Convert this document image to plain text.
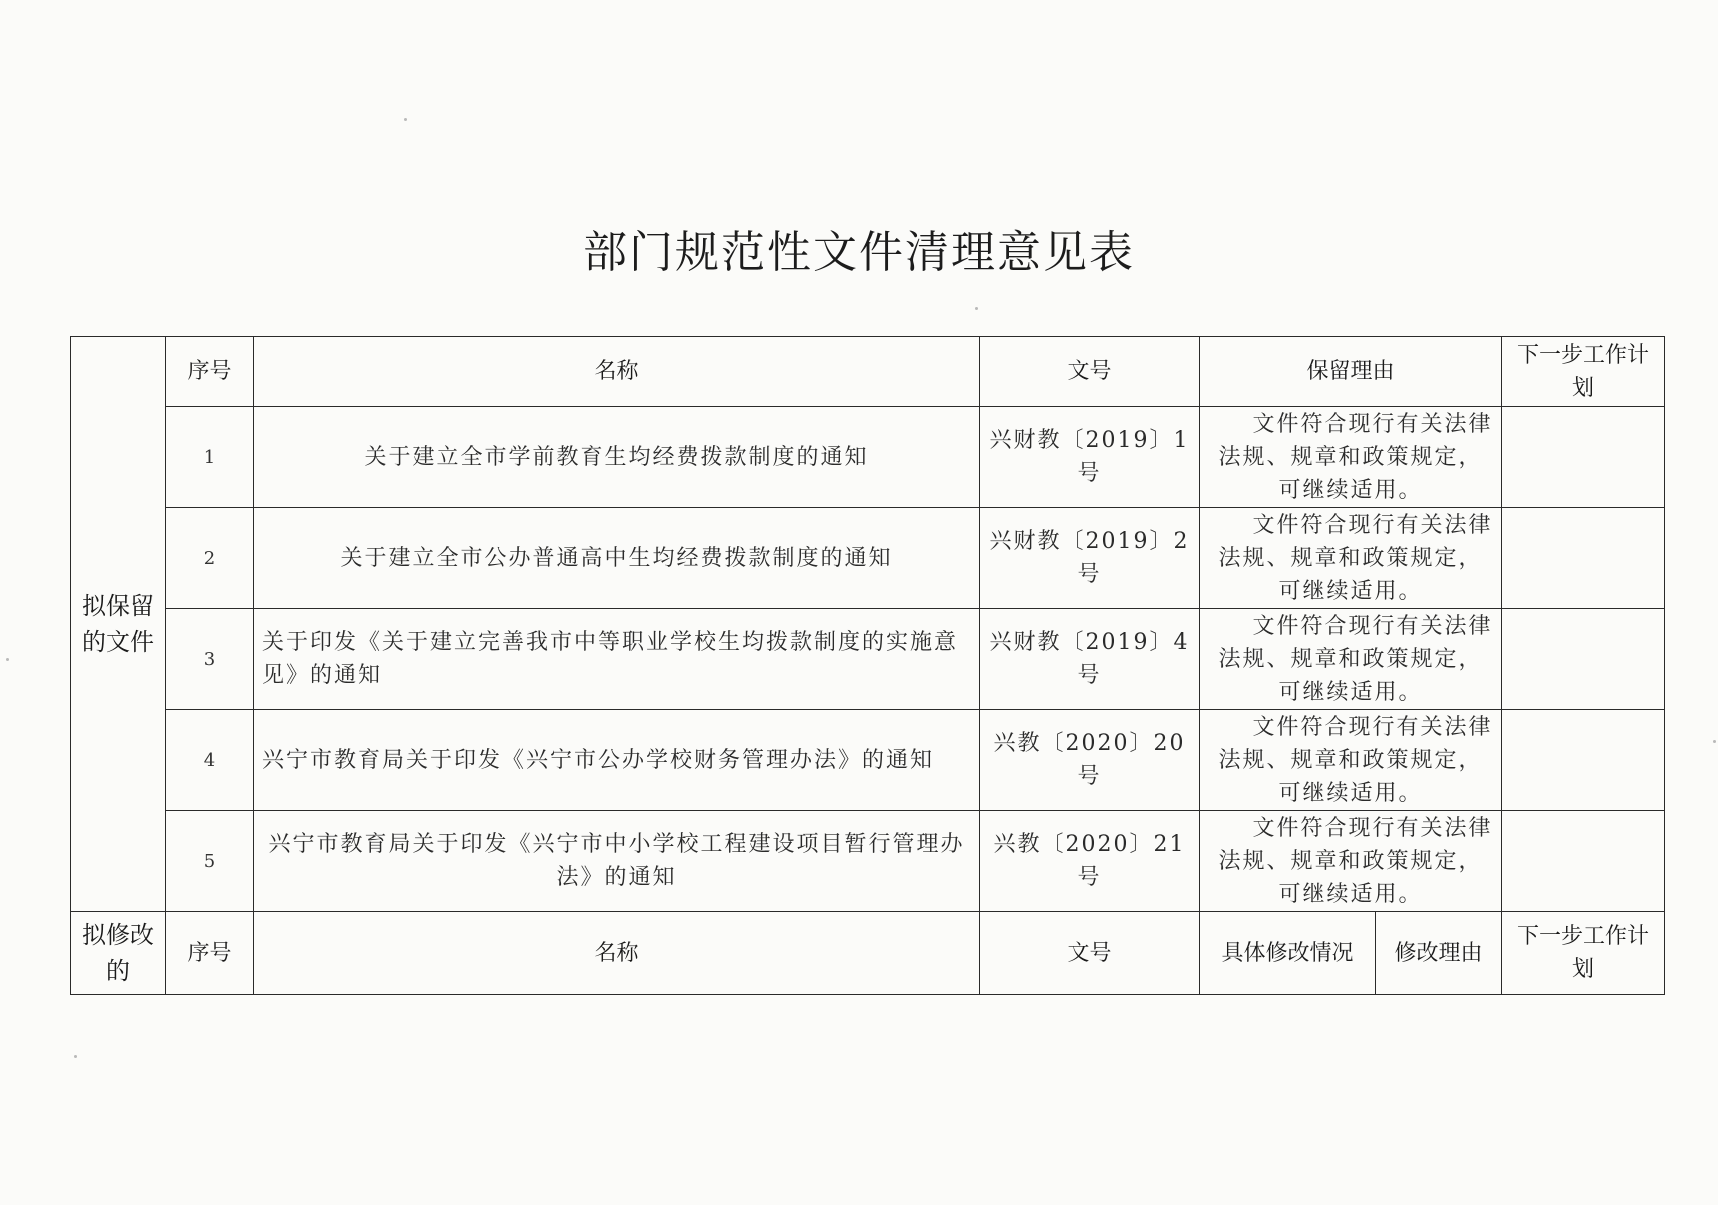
部门规范性文件清理意见表
拟保留的文件	序号	名称	文号	保留理由		下一步工作计划
	1	关于建立全市学前教育生均经费拨款制度的通知	兴财教〔2019〕1号	文件符合现行有关法律法规、规章和政策规定，可继续适用。		
	2	关于建立全市公办普通高中生均经费拨款制度的通知	兴财教〔2019〕2号	文件符合现行有关法律法规、规章和政策规定，可继续适用。		
	3	关于印发《关于建立完善我市中等职业学校生均拨款制度的实施意见》的通知	兴财教〔2019〕4号	文件符合现行有关法律法规、规章和政策规定，可继续适用。		
	4	兴宁市教育局关于印发《兴宁市公办学校财务管理办法》的通知	兴教〔2020〕20号	文件符合现行有关法律法规、规章和政策规定，可继续适用。		
	5	兴宁市教育局关于印发《兴宁市中小学校工程建设项目暂行管理办法》的通知	兴教〔2020〕21号	文件符合现行有关法律法规、规章和政策规定，可继续适用。		
拟修改的	序号	名称	文号	具体修改情况	修改理由	下一步工作计划
